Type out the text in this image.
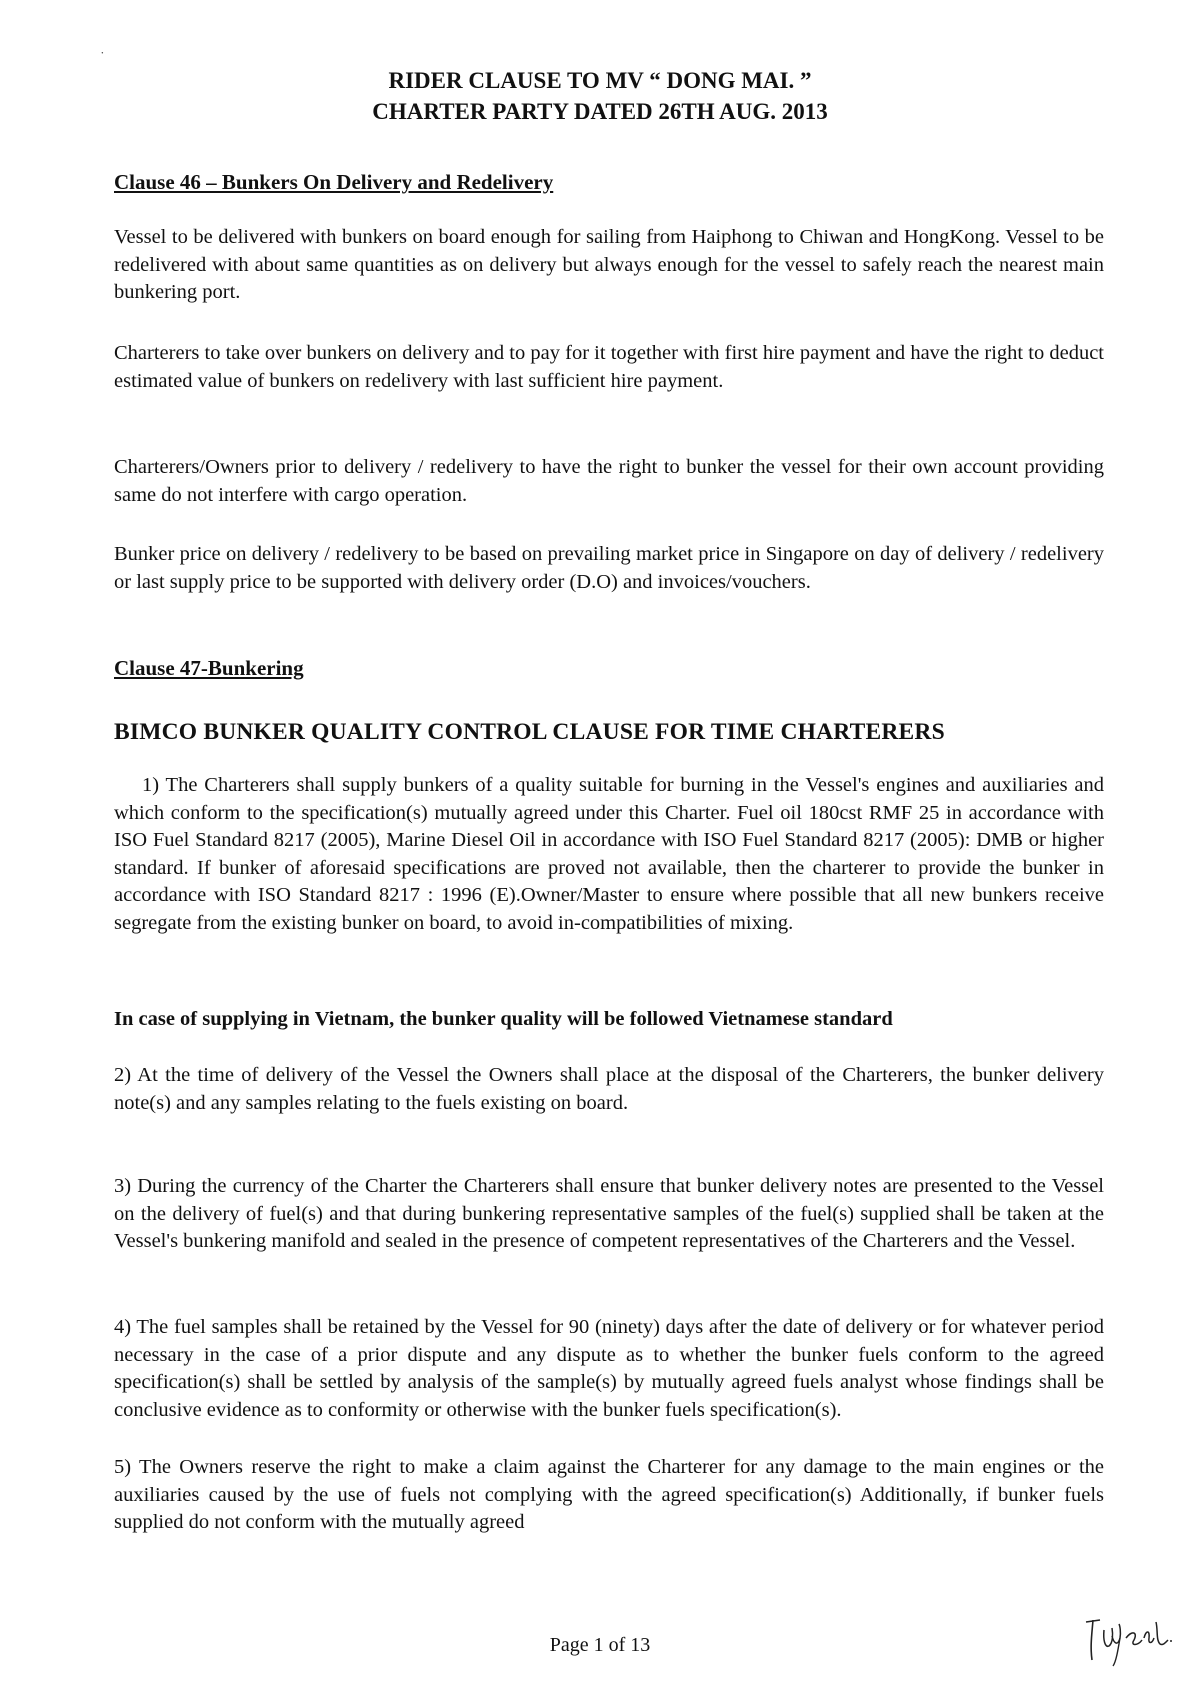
˙
RIDER CLAUSE TO MV “ DONG MAI. ”
CHARTER PARTY DATED 26TH AUG. 2013
Clause 46 – Bunkers On Delivery and Redelivery

Vessel to be delivered with bunkers on board enough for sailing from Haiphong to Chiwan and HongKong. Vessel to be redelivered with about same quantities as on delivery but always enough for the vessel to safely reach the nearest main bunkering port.

Charterers to take over bunkers on delivery and to pay for it together with first hire payment and have the right to deduct estimated value of bunkers on redelivery with last sufficient hire payment.

Charterers/Owners prior to delivery / redelivery to have the right to bunker the vessel for their own account providing same do not interfere with cargo operation.

Bunker price on delivery / redelivery to be based on prevailing market price in Singapore on day of delivery / redelivery or last supply price to be supported with delivery order (D.O) and invoices/vouchers.

Clause 47-Bunkering
BIMCO BUNKER QUALITY CONTROL CLAUSE FOR TIME CHARTERERS

1) The Charterers shall supply bunkers of a quality suitable for burning in the Vessel's engines and auxiliaries and which conform to the specification(s) mutually agreed under this Charter. Fuel oil 180cst RMF 25 in accordance with ISO Fuel Standard 8217 (2005), Marine Diesel Oil in accordance with ISO Fuel Standard 8217 (2005): DMB or higher standard. If bunker of aforesaid specifications are proved not available, then the charterer to provide the bunker in accordance with ISO Standard 8217 : 1996 (E).Owner/Master to ensure where possible that all new bunkers receive segregate from the existing bunker on board, to avoid in-compatibilities of mixing.

In case of supplying in Vietnam, the bunker quality will be followed Vietnamese standard

2) At the time of delivery of the Vessel the Owners shall place at the disposal of the Charterers, the bunker delivery note(s) and any samples relating to the fuels existing on board.

3) During the currency of the Charter the Charterers shall ensure that bunker delivery notes are presented to the Vessel on the delivery of fuel(s) and that during bunkering representative samples of the fuel(s) supplied shall be taken at the Vessel's bunkering manifold and sealed in the presence of competent representatives of the Charterers and the Vessel.

4) The fuel samples shall be retained by the Vessel for 90 (ninety) days after the date of delivery or for whatever period necessary in the case of a prior dispute and any dispute as to whether the bunker fuels conform to the agreed specification(s) shall be settled by analysis of the sample(s) by mutually agreed fuels analyst whose findings shall be conclusive evidence as to conformity or otherwise with the bunker fuels specification(s).

5) The Owners reserve the right to make a claim against the Charterer for any damage to the main engines or the auxiliaries caused by the use of fuels not complying with the agreed specification(s) Additionally, if bunker fuels supplied do not conform with the mutually agreed

Page 1 of 13
